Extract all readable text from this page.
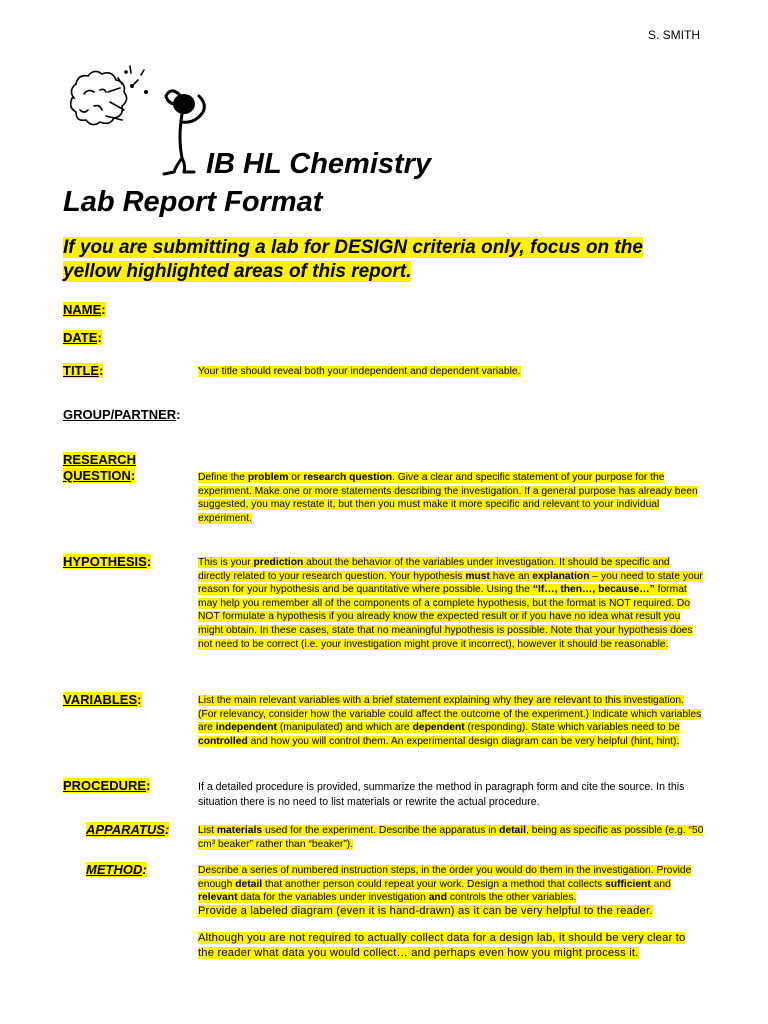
S. SMITH
IB HL Chemistry
Lab Report Format
If you are submitting a lab for DESIGN criteria only, focus on the yellow highlighted areas of this report.
NAME:
DATE:
TITLE:	Your title should reveal both your independent and dependent variable.
GROUP/PARTNER:
RESEARCH
QUESTION:	Define the problem or research question. Give a clear and specific statement of your purpose for the experiment. Make one or more statements describing the investigation. If a general purpose has already been suggested, you may restate it, but then you must make it more specific and relevant to your individual experiment.
HYPOTHESIS:	This is your prediction about the behavior of the variables under investigation. It should be specific and directly related to your research question. Your hypothesis must have an explanation – you need to state your reason for your hypothesis and be quantitative where possible. Using the “If…, then…, because…” format may help you remember all of the components of a complete hypothesis, but the format is NOT required. Do NOT formulate a hypothesis if you already know the expected result or if you have no idea what result you might obtain. In these cases, state that no meaningful hypothesis is possible. Note that your hypothesis does not need to be correct (i.e. your investigation might prove it incorrect), however it should be reasonable.
VARIABLES:	List the main relevant variables with a brief statement explaining why they are relevant to this investigation. (For relevancy, consider how the variable could affect the outcome of the experiment.) Indicate which variables are independent (manipulated) and which are dependent (responding). State which variables need to be controlled and how you will control them. An experimental design diagram can be very helpful (hint, hint).
PROCEDURE:	If a detailed procedure is provided, summarize the method in paragraph form and cite the source. In this situation there is no need to list materials or rewrite the actual procedure.
APPARATUS:	List materials used for the experiment. Describe the apparatus in detail, being as specific as possible (e.g. “50 cm³ beaker” rather than “beaker”).
METHOD:	Describe a series of numbered instruction steps, in the order you would do them in the investigation. Provide enough detail that another person could repeat your work. Design a method that collects sufficient and relevant data for the variables under investigation and controls the other variables.
Provide a labeled diagram (even it is hand-drawn) as it can be very helpful to the reader.
Although you are not required to actually collect data for a design lab, it should be very clear to the reader what data you would collect… and perhaps even how you might process it.
